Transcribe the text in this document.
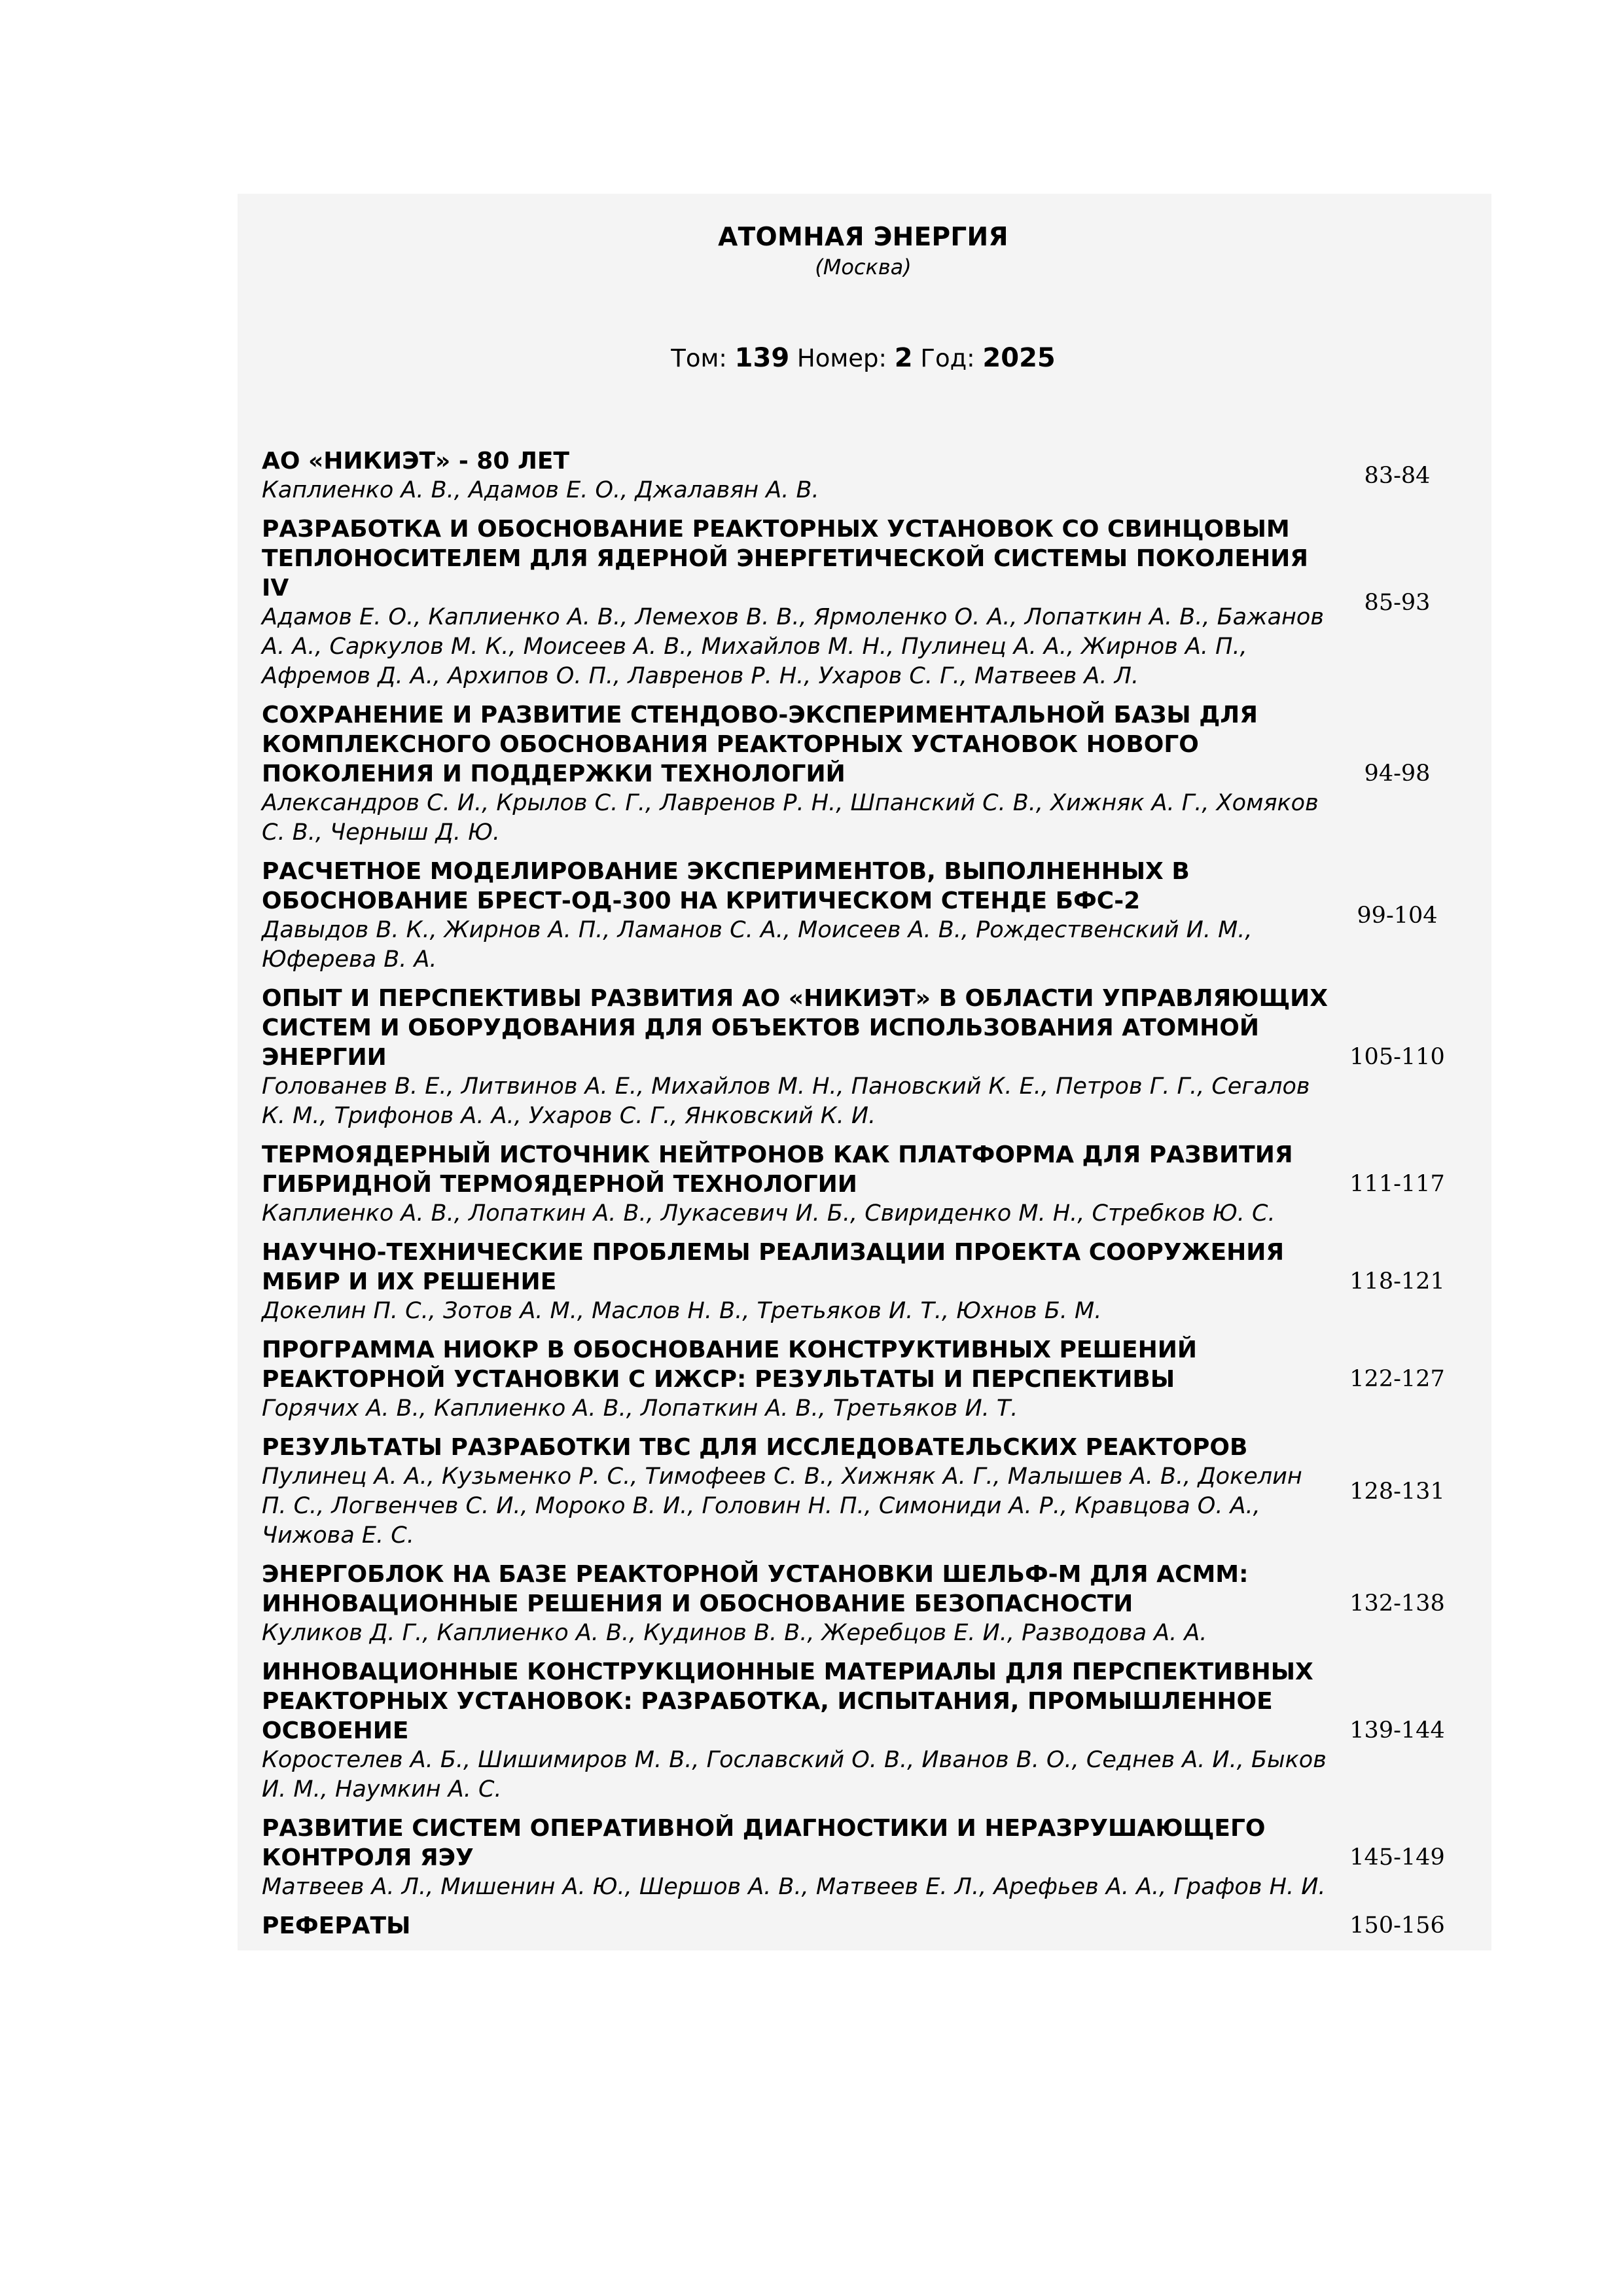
АТОМНАЯ ЭНЕРГИЯ
(Москва)
Том: 139 Номер: 2 Год: 2025
АО «НИКИЭТ» - 80 ЛЕТ
Каплиенко А. В., Адамов Е. О., Джалавян А. В.
83-84
РАЗРАБОТКА И ОБОСНОВАНИЕ РЕАКТОРНЫХ УСТАНОВОК СО СВИНЦОВЫМ ТЕПЛОНОСИТЕЛЕМ ДЛЯ ЯДЕРНОЙ ЭНЕРГЕТИЧЕСКОЙ СИСТЕМЫ ПОКОЛЕНИЯ IV
Адамов Е. О., Каплиенко А. В., Лемехов В. В., Ярмоленко О. А., Лопаткин А. В., Бажанов А. А., Саркулов М. К., Моисеев А. В., Михайлов М. Н., Пулинец А. А., Жирнов А. П., Афремов Д. А., Архипов О. П., Лавренов Р. Н., Ухаров С. Г., Матвеев А. Л.
85-93
СОХРАНЕНИЕ И РАЗВИТИЕ СТЕНДОВО-ЭКСПЕРИМЕНТАЛЬНОЙ БАЗЫ ДЛЯ КОМПЛЕКСНОГО ОБОСНОВАНИЯ РЕАКТОРНЫХ УСТАНОВОК НОВОГО ПОКОЛЕНИЯ И ПОДДЕРЖКИ ТЕХНОЛОГИЙ
Александров С. И., Крылов С. Г., Лавренов Р. Н., Шпанский С. В., Хижняк А. Г., Хомяков С. В., Черныш Д. Ю.
94-98
РАСЧЕТНОЕ МОДЕЛИРОВАНИЕ ЭКСПЕРИМЕНТОВ, ВЫПОЛНЕННЫХ В ОБОСНОВАНИЕ БРЕСТ-ОД-300 НА КРИТИЧЕСКОМ СТЕНДЕ БФС-2
Давыдов В. К., Жирнов А. П., Ламанов С. А., Моисеев А. В., Рождественский И. М., Юферева В. А.
99-104
ОПЫТ И ПЕРСПЕКТИВЫ РАЗВИТИЯ АО «НИКИЭТ» В ОБЛАСТИ УПРАВЛЯЮЩИХ СИСТЕМ И ОБОРУДОВАНИЯ ДЛЯ ОБЪЕКТОВ ИСПОЛЬЗОВАНИЯ АТОМНОЙ ЭНЕРГИИ
Голованев В. Е., Литвинов А. Е., Михайлов М. Н., Пановский К. Е., Петров Г. Г., Сегалов К. М., Трифонов А. А., Ухаров С. Г., Янковский К. И.
105-110
ТЕРМОЯДЕРНЫЙ ИСТОЧНИК НЕЙТРОНОВ КАК ПЛАТФОРМА ДЛЯ РАЗВИТИЯ ГИБРИДНОЙ ТЕРМОЯДЕРНОЙ ТЕХНОЛОГИИ
Каплиенко А. В., Лопаткин А. В., Лукасевич И. Б., Свириденко М. Н., Стребков Ю. С.
111-117
НАУЧНО-ТЕХНИЧЕСКИЕ ПРОБЛЕМЫ РЕАЛИЗАЦИИ ПРОЕКТА СООРУЖЕНИЯ МБИР И ИХ РЕШЕНИЕ
Докелин П. С., Зотов А. М., Маслов Н. В., Третьяков И. Т., Юхнов Б. М.
118-121
ПРОГРАММА НИОКР В ОБОСНОВАНИЕ КОНСТРУКТИВНЫХ РЕШЕНИЙ РЕАКТОРНОЙ УСТАНОВКИ С ИЖСР: РЕЗУЛЬТАТЫ И ПЕРСПЕКТИВЫ
Горячих А. В., Каплиенко А. В., Лопаткин А. В., Третьяков И. Т.
122-127
РЕЗУЛЬТАТЫ РАЗРАБОТКИ ТВС ДЛЯ ИССЛЕДОВАТЕЛЬСКИХ РЕАКТОРОВ
Пулинец А. А., Кузьменко Р. С., Тимофеев С. В., Хижняк А. Г., Малышев А. В., Докелин П. С., Логвенчев С. И., Мороко В. И., Головин Н. П., Симониди А. Р., Кравцова О. А., Чижова Е. С.
128-131
ЭНЕРГОБЛОК НА БАЗЕ РЕАКТОРНОЙ УСТАНОВКИ ШЕЛЬФ-М ДЛЯ АСММ: ИННОВАЦИОННЫЕ РЕШЕНИЯ И ОБОСНОВАНИЕ БЕЗОПАСНОСТИ
Куликов Д. Г., Каплиенко А. В., Кудинов В. В., Жеребцов Е. И., Разводова А. А.
132-138
ИННОВАЦИОННЫЕ КОНСТРУКЦИОННЫЕ МАТЕРИАЛЫ ДЛЯ ПЕРСПЕКТИВНЫХ РЕАКТОРНЫХ УСТАНОВОК: РАЗРАБОТКА, ИСПЫТАНИЯ, ПРОМЫШЛЕННОЕ ОСВОЕНИЕ
Коростелев А. Б., Шишимиров М. В., Гославский О. В., Иванов В. О., Седнев А. И., Быков И. М., Наумкин А. С.
139-144
РАЗВИТИЕ СИСТЕМ ОПЕРАТИВНОЙ ДИАГНОСТИКИ И НЕРАЗРУШАЮЩЕГО КОНТРОЛЯ ЯЭУ
Матвеев А. Л., Мишенин А. Ю., Шершов А. В., Матвеев Е. Л., Арефьев А. А., Графов Н. И.
145-149
РЕФЕРАТЫ	150-156
